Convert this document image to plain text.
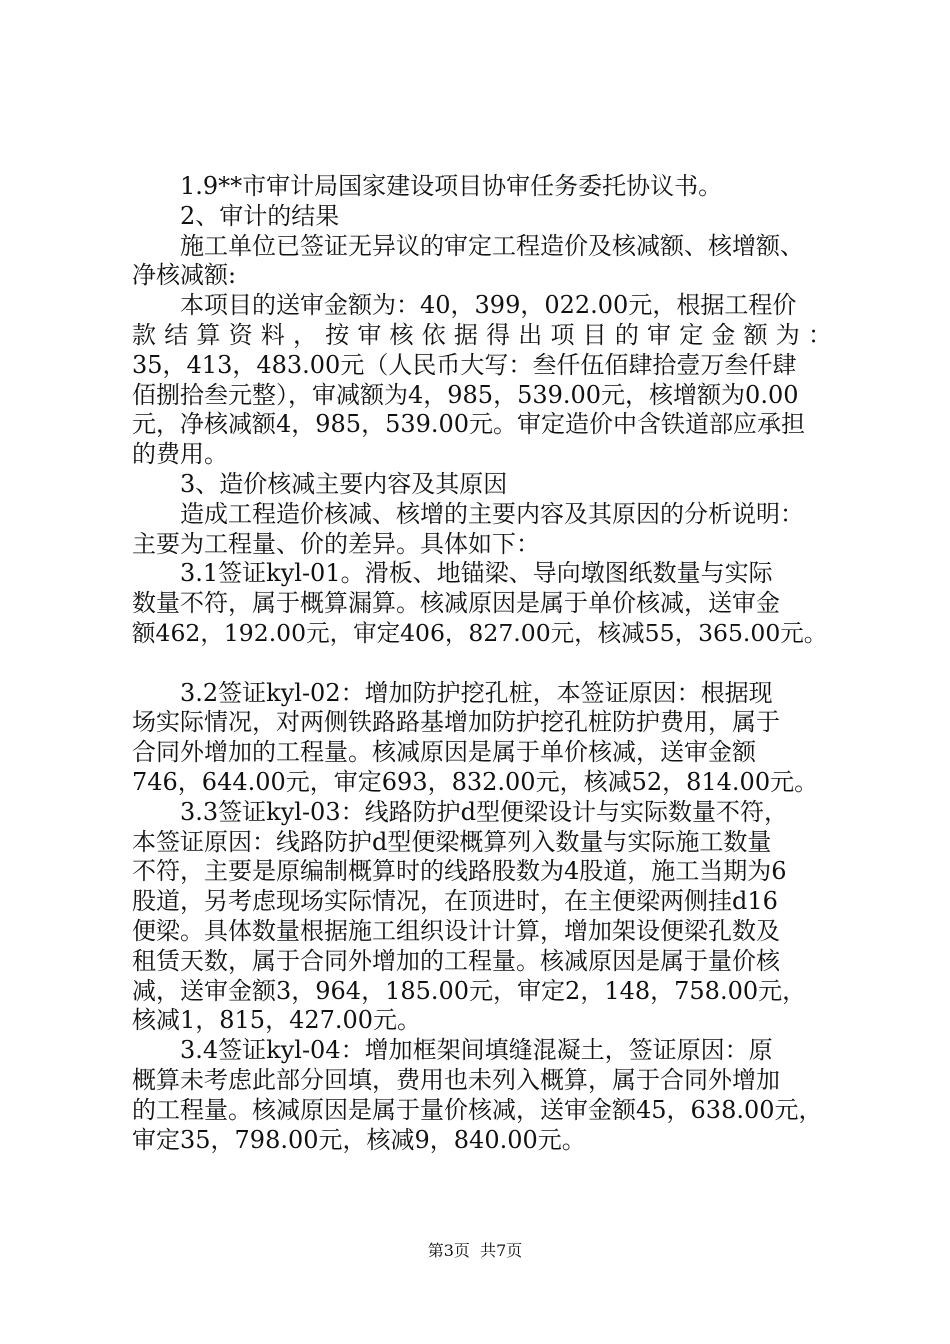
　　1.9**市审计局国家建设项目协审任务委托协议书。
　　2、审计的结果
　　施工单位已签证无异议的审定工程造价及核减额、核增额、
净核减额:
　　本项目的送审金额为：40，399，022.00元，根据工程价
款结算资料，按审核依据得出项目的审定金额为：
35，413，483.00元（人民币大写：叁仟伍佰肆拾壹万叁仟肆
佰捌拾叁元整），审减额为4，985，539.00元，核增额为0.00
元，净核减额4，985，539.00元。审定造价中含铁道部应承担
的费用。
　　3、造价核减主要内容及其原因
　　造成工程造价核减、核增的主要内容及其原因的分析说明：
主要为工程量、价的差异。具体如下：
　　3.1签证kyl-01。滑板、地锚梁、导向墩图纸数量与实际
数量不符，属于概算漏算。核减原因是属于单价核减，送审金
额462，192.00元，审定406，827.00元，核减55，365.00元。
　　3.2签证kyl-02：增加防护挖孔桩，本签证原因：根据现
场实际情况，对两侧铁路路基增加防护挖孔桩防护费用，属于
合同外增加的工程量。核减原因是属于单价核减，送审金额
746，644.00元，审定693，832.00元，核减52，814.00元。
　　3.3签证kyl-03：线路防护d型便梁设计与实际数量不符，
本签证原因：线路防护d型便梁概算列入数量与实际施工数量
不符，主要是原编制概算时的线路股数为4股道，施工当期为6
股道，另考虑现场实际情况，在顶进时，在主便梁两侧挂d16
便梁。具体数量根据施工组织设计计算，增加架设便梁孔数及
租赁天数，属于合同外增加的工程量。核减原因是属于量价核
减，送审金额3，964，185.00元，审定2，148，758.00元，
核减1，815，427.00元。
　　3.4签证kyl-04：增加框架间填缝混凝土，签证原因：原
概算未考虑此部分回填，费用也未列入概算，属于合同外增加
的工程量。核减原因是属于量价核减，送审金额45，638.00元，
审定35，798.00元，核减9，840.00元。
第3页  共7页
